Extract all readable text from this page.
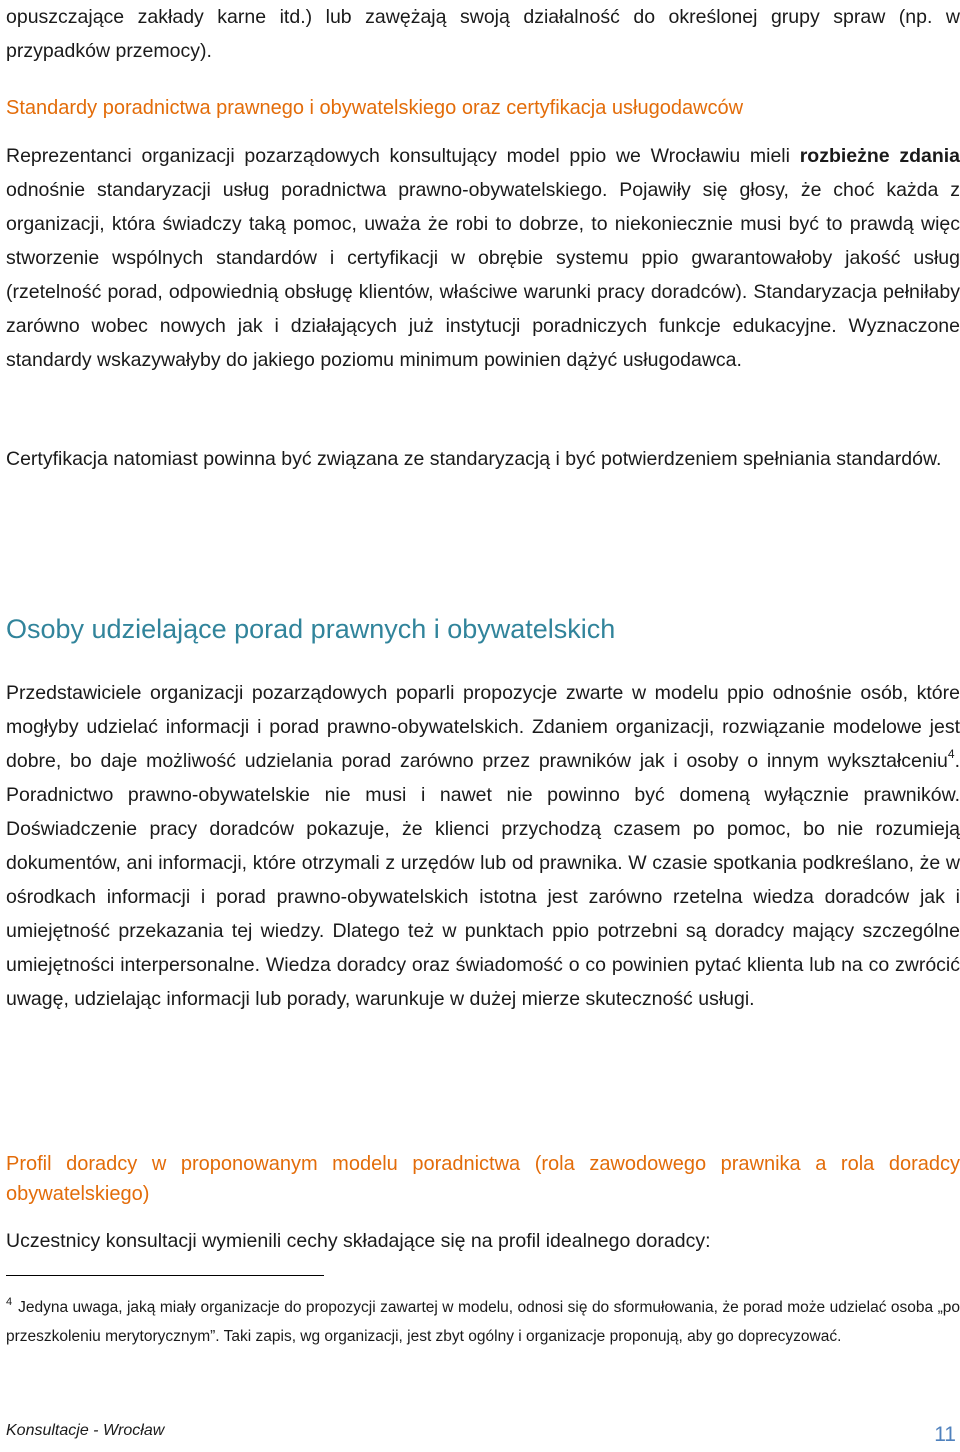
opuszczające zakłady karne itd.) lub zawężają swoją działalność do określonej grupy spraw (np. w przypadków przemocy).
Standardy poradnictwa prawnego i obywatelskiego oraz certyfikacja usługodawców
Reprezentanci organizacji pozarządowych konsultujący model ppio we Wrocławiu mieli rozbieżne zdania odnośnie standaryzacji usług poradnictwa prawno-obywatelskiego. Pojawiły się głosy, że choć każda z organizacji, która świadczy taką pomoc, uważa że robi to dobrze, to niekoniecznie musi być to prawdą więc stworzenie wspólnych standardów i certyfikacji w obrębie systemu ppio gwarantowałoby jakość usług (rzetelność porad, odpowiednią obsługę klientów, właściwe warunki pracy doradców). Standaryzacja pełniłaby zarówno wobec nowych jak i działających już instytucji poradniczych funkcje edukacyjne. Wyznaczone standardy wskazywałyby do jakiego poziomu minimum powinien dążyć usługodawca.
Certyfikacja natomiast powinna być związana ze standaryzacją i być potwierdzeniem spełniania standardów.
Osoby udzielające porad prawnych i obywatelskich
Przedstawiciele organizacji pozarządowych poparli propozycje zwarte w modelu ppio odnośnie osób, które mogłyby udzielać informacji i porad prawno-obywatelskich. Zdaniem organizacji, rozwiązanie modelowe jest dobre, bo daje możliwość udzielania porad zarówno przez prawników jak i osoby o innym wykształceniu$^4$. Poradnictwo prawno-obywatelskie nie musi i nawet nie powinno być domeną wyłącznie prawników. Doświadczenie pracy doradców pokazuje, że klienci przychodzą czasem po pomoc, bo nie rozumieją dokumentów, ani informacji, które otrzymali z urzędów lub od prawnika. W czasie spotkania podkreślano, że w ośrodkach informacji i porad prawno-obywatelskich istotna jest zarówno rzetelna wiedza doradców jak i umiejętność przekazania tej wiedzy. Dlatego też w punktach ppio potrzebni są doradcy mający szczególne umiejętności interpersonalne. Wiedza doradcy oraz świadomość o co powinien pytać klienta lub na co zwrócić uwagę, udzielając informacji lub porady, warunkuje w dużej mierze skuteczność usługi.
Profil doradcy w proponowanym modelu poradnictwa (rola zawodowego prawnika a rola doradcy obywatelskiego)
Uczestnicy konsultacji wymienili cechy składające się na profil idealnego doradcy:
$^4$ Jedyna uwaga, jaką miały organizacje do propozycji zawartej w modelu, odnosi się do sformułowania, że porad może udzielać osoba „po przeszkoleniu merytorycznym”. Taki zapis, wg organizacji, jest zbyt ogólny i organizacje proponują, aby go doprecyzować.
Konsultacje - Wrocław	11
